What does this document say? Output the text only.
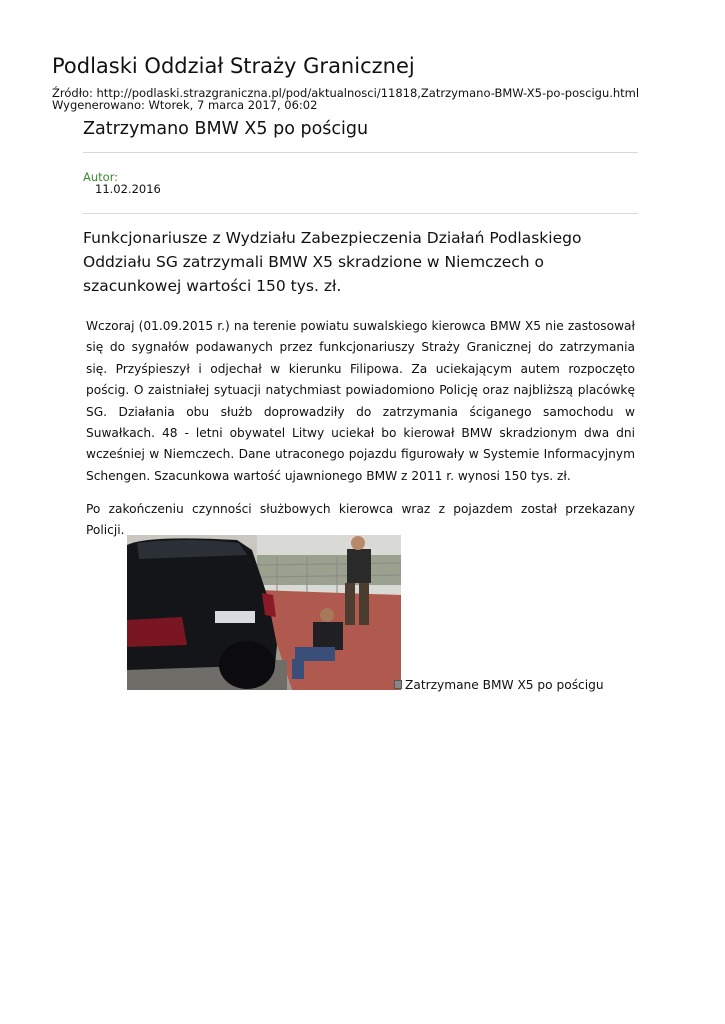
Podlaski Oddział Straży Granicznej
Źródło: http://podlaski.strazgraniczna.pl/pod/aktualnosci/11818,Zatrzymano-BMW-X5-po-poscigu.html
Wygenerowano: Wtorek, 7 marca 2017, 06:02
Zatrzymano BMW X5 po pościgu
Autor:
11.02.2016

Funkcjonariusze z Wydziału Zabezpieczenia Działań Podlaskiego Oddziału SG zatrzymali BMW X5 skradzione w Niemczech o szacunkowej wartości 150 tys. zł.

Wczoraj (01.09.2015 r.) na terenie powiatu suwalskiego kierowca BMW X5 nie zastosował się do sygnałów podawanych przez funkcjonariuszy Straży Granicznej do zatrzymania się. Przyśpieszył i odjechał w kierunku Filipowa. Za uciekającym autem rozpoczęto pościg. O zaistniałej sytuacji natychmiast powiadomiono Policję oraz najbliższą placówkę SG. Działania obu służb doprowadziły do zatrzymania ściganego samochodu w Suwałkach. 48 - letni obywatel Litwy uciekał bo kierował BMW skradzionym dwa dni wcześniej w Niemczech. Dane utraconego pojazdu figurowały w Systemie Informacyjnym Schengen. Szacunkowa wartość ujawnionego BMW z 2011 r. wynosi 150 tys. zł.

Po zakończeniu czynności służbowych kierowca wraz z pojazdem został przekazany Policji.

Zatrzymane BMW X5 po pościgu
